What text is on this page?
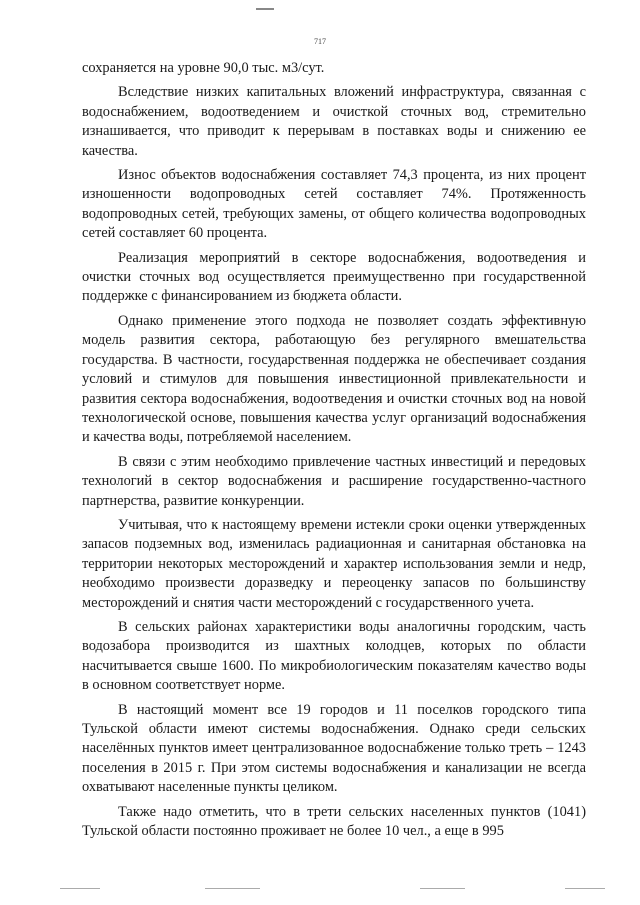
717

сохраняется на уровне 90,0 тыс. м3/сут.

Вследствие низких капитальных вложений инфраструктура, связанная с водоснабжением, водоотведением и очисткой сточных вод, стремительно изнашивается, что приводит к перерывам в поставках воды и снижению ее качества.

Износ объектов водоснабжения составляет 74,3 процента, из них процент изношенности водопроводных сетей составляет 74%. Протяженность водопроводных сетей, требующих замены, от общего количества водопроводных сетей составляет 60 процента.

Реализация мероприятий в секторе водоснабжения, водоотведения и очистки сточных вод осуществляется преимущественно при государственной поддержке с финансированием из бюджета области.

Однако применение этого подхода не позволяет создать эффективную модель развития сектора, работающую без регулярного вмешательства государства. В частности, государственная поддержка не обеспечивает создания условий и стимулов для повышения инвестиционной привлекательности и развития сектора водоснабжения, водоотведения и очистки сточных вод на новой технологической основе, повышения качества услуг организаций водоснабжения и качества воды, потребляемой населением.

В связи с этим необходимо привлечение частных инвестиций и передовых технологий в сектор водоснабжения и расширение государственно-частного партнерства, развитие конкуренции.

Учитывая, что к настоящему времени истекли сроки оценки утвержденных запасов подземных вод, изменилась радиационная и санитарная обстановка на территории некоторых месторождений и характер использования земли и недр, необходимо произвести доразведку и переоценку запасов по большинству месторождений и снятия части месторождений с государственного учета.

В сельских районах характеристики воды аналогичны городским, часть водозабора производится из шахтных колодцев, которых по области насчитывается свыше 1600. По микробиологическим показателям качество воды в основном соответствует норме.

В настоящий момент все 19 городов и 11 поселков городского типа Тульской области имеют системы водоснабжения. Однако среди сельских населённых пунктов имеет централизованное водоснабжение только треть – 1243 поселения в 2015 г. При этом системы водоснабжения и канализации не всегда охватывают населенные пункты целиком.

Также надо отметить, что в трети сельских населенных пунктов (1041) Тульской области постоянно проживает не более 10 чел., а еще в 995
